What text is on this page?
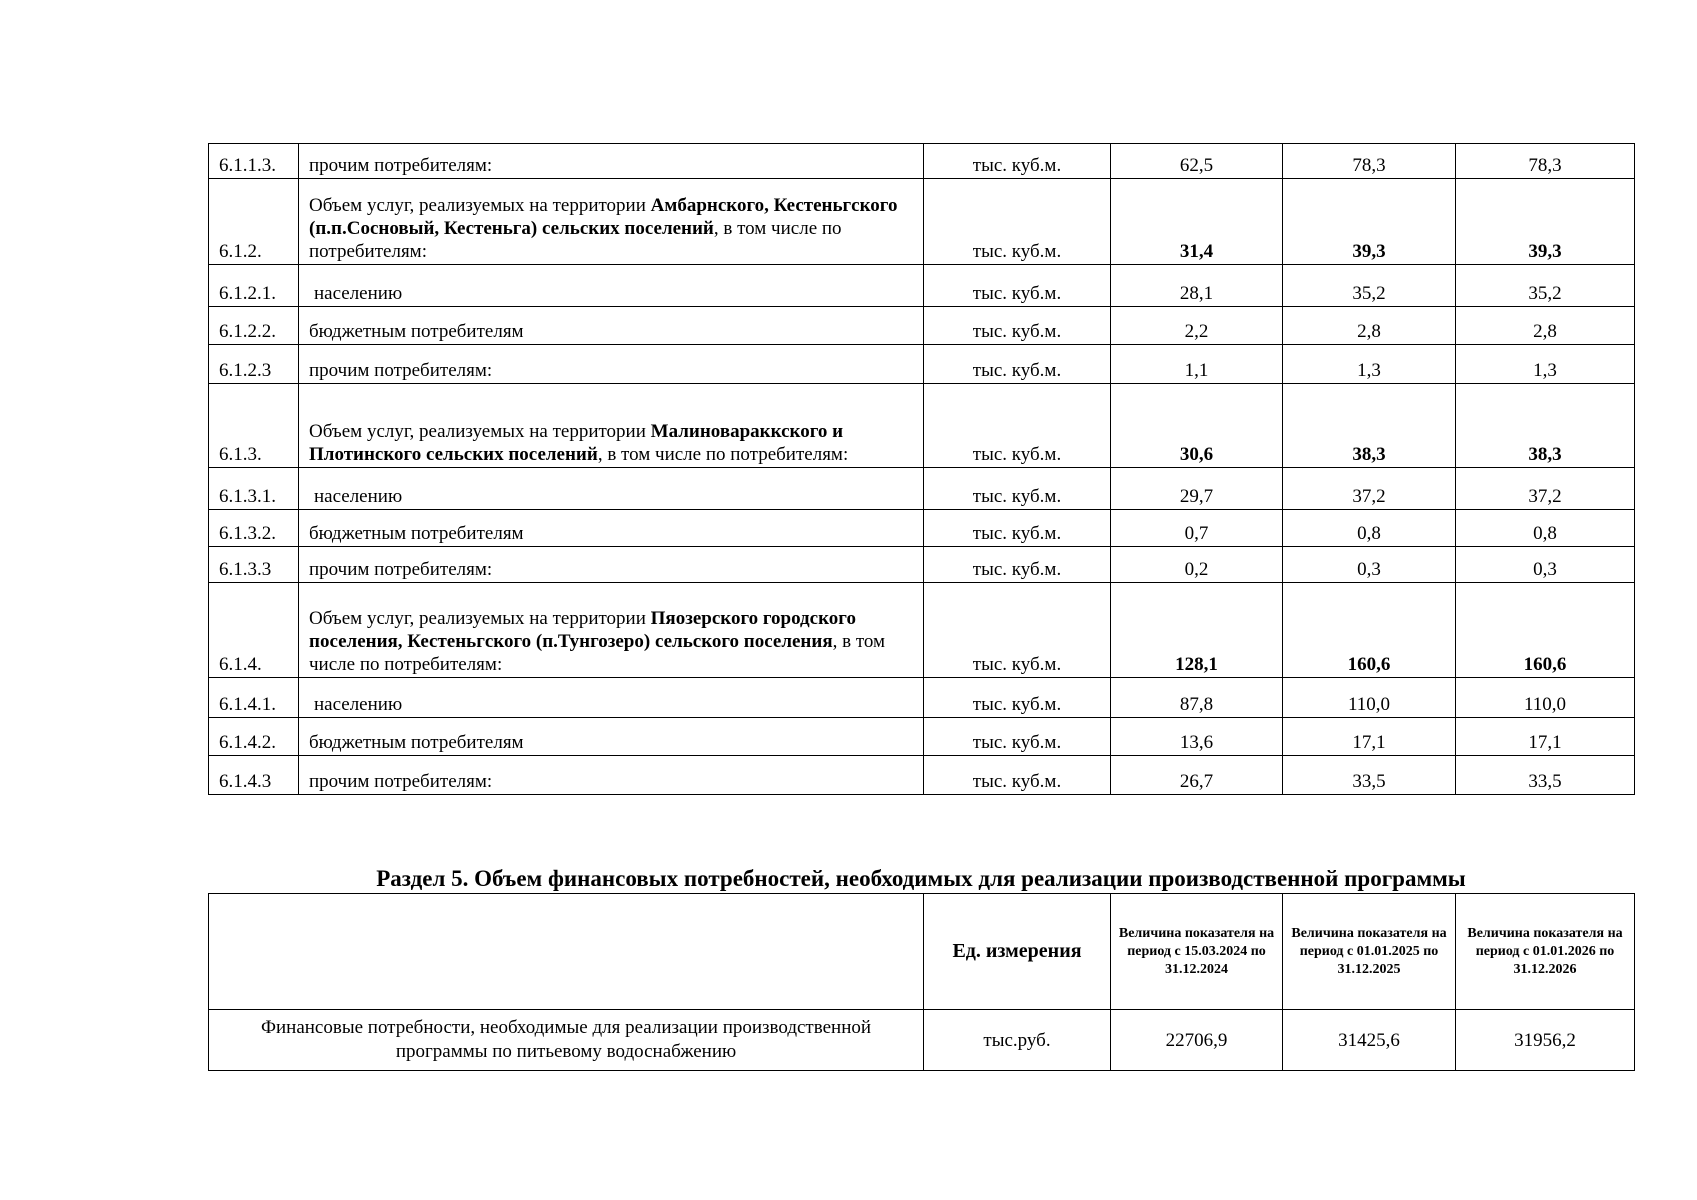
6.1.1.3.	прочим потребителям:	тыс. куб.м.	62,5	78,3	78,3
6.1.2.	Объем услуг, реализуемых на территории Амбарнского, Кестеньгского (п.п.Сосновый, Кестеньга) сельских поселений, в том числе по потребителям:	тыс. куб.м.	31,4	39,3	39,3
6.1.2.1.	населению	тыс. куб.м.	28,1	35,2	35,2
6.1.2.2.	бюджетным потребителям	тыс. куб.м.	2,2	2,8	2,8
6.1.2.3	прочим потребителям:	тыс. куб.м.	1,1	1,3	1,3
6.1.3.	Объем услуг, реализуемых на территории Малиновараккского и Плотинского сельских поселений, в том числе по потребителям:	тыс. куб.м.	30,6	38,3	38,3
6.1.3.1.	населению	тыс. куб.м.	29,7	37,2	37,2
6.1.3.2.	бюджетным потребителям	тыс. куб.м.	0,7	0,8	0,8
6.1.3.3	прочим потребителям:	тыс. куб.м.	0,2	0,3	0,3
6.1.4.	Объем услуг, реализуемых на территории Пяозерского городского поселения, Кестеньгского (п.Тунгозеро) сельского поселения, в том числе по потребителям:	тыс. куб.м.	128,1	160,6	160,6
6.1.4.1.	населению	тыс. куб.м.	87,8	110,0	110,0
6.1.4.2.	бюджетным потребителям	тыс. куб.м.	13,6	17,1	17,1
6.1.4.3	прочим потребителям:	тыс. куб.м.	26,7	33,5	33,5
Раздел 5. Объем финансовых потребностей, необходимых для реализации производственной программы
	Ед. измерения	Величина показателя на период с 15.03.2024 по 31.12.2024	Величина показателя на период с 01.01.2025 по 31.12.2025	Величина показателя на период с 01.01.2026 по 31.12.2026
Финансовые потребности, необходимые для реализации производственной программы по питьевому водоснабжению	тыс.руб.	22706,9	31425,6	31956,2
